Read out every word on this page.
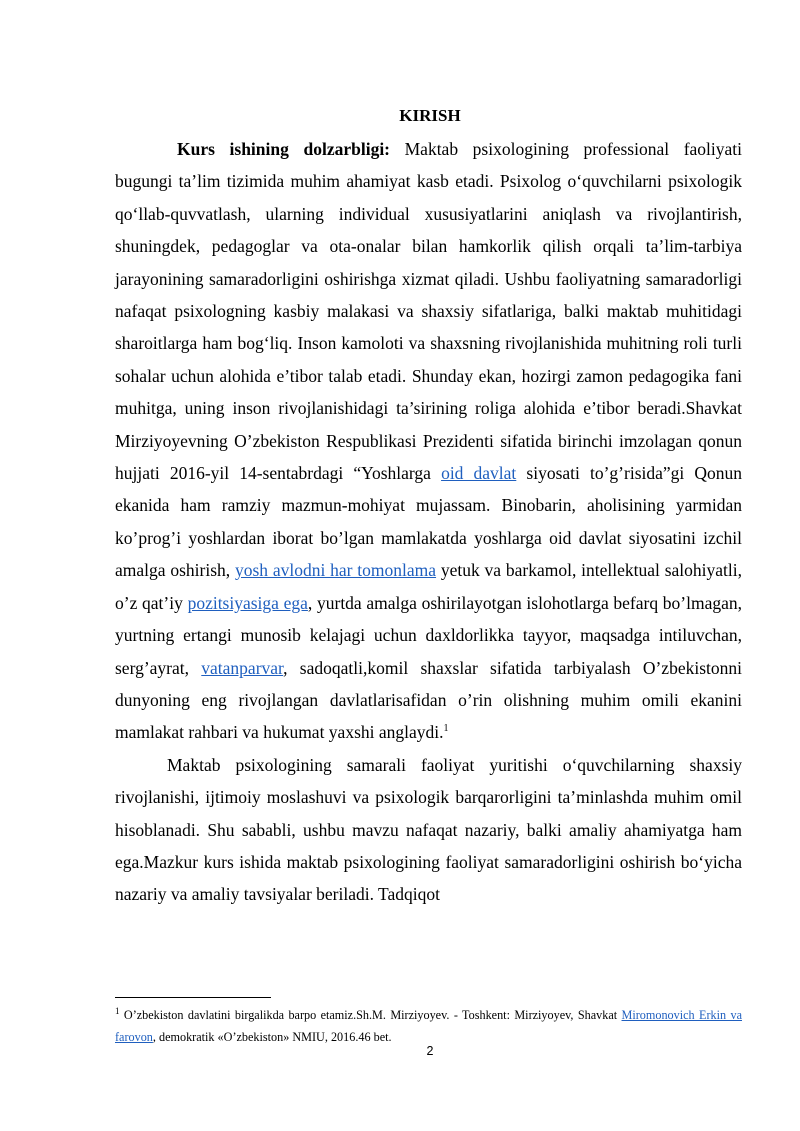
KIRISH

Kurs ishining dolzarbligi: Maktab psixologining professional faoliyati bugungi ta’lim tizimida muhim ahamiyat kasb etadi. Psixolog o‘quvchilarni psixologik qo‘llab-quvvatlash, ularning individual xususiyatlarini aniqlash va rivojlantirish, shuningdek, pedagoglar va ota-onalar bilan hamkorlik qilish orqali ta’lim-tarbiya jarayonining samaradorligini oshirishga xizmat qiladi. Ushbu faoliyatning samaradorligi nafaqat psixologning kasbiy malakasi va shaxsiy sifatlariga, balki maktab muhitidagi sharoitlarga ham bog‘liq. Inson kamoloti va shaxsning rivojlanishida muhitning roli turli sohalar uchun alohida e’tibor talab etadi. Shunday ekan, hozirgi zamon pedagogika fani muhitga, uning inson rivojlanishidagi ta’sirining roliga alohida e’tibor beradi.Shavkat Mirziyoyevning O’zbekiston Respublikasi Prezidenti sifatida birinchi imzolagan qonun hujjati 2016-yil 14-sentabrdagi “Yoshlarga oid davlat siyosati to’g’risida”gi Qonun ekanida ham ramziy mazmun-mohiyat mujassam. Binobarin, aholisining yarmidan ko’prog’i yoshlardan iborat bo’lgan mamlakatda yoshlarga oid davlat siyosatini izchil amalga oshirish, yosh avlodni har tomonlama yetuk va barkamol, intellektual salohiyatli, o’z qat’iy pozitsiyasiga ega, yurtda amalga oshirilayotgan islohotlarga befarq bo’lmagan, yurtning ertangi munosib kelajagi uchun daxldorlikka tayyor, maqsadga intiluvchan, serg’ayrat, vatanparvar, sadoqatli,komil shaxslar sifatida tarbiyalash O’zbekistonni dunyoning eng rivojlangan davlatlarisafidan o’rin olishning muhim omili ekanini mamlakat rahbari va hukumat yaxshi anglaydi.$^1$

Maktab psixologining samarali faoliyat yuritishi o‘quvchilarning shaxsiy rivojlanishi, ijtimoiy moslashuvi va psixologik barqarorligini ta’minlashda muhim omil hisoblanadi. Shu sababli, ushbu mavzu nafaqat nazariy, balki amaliy ahamiyatga ham ega.Mazkur kurs ishida maktab psixologining faoliyat samaradorligini oshirish bo‘yicha nazariy va amaliy tavsiyalar beriladi. Tadqiqot

$^1$ O’zbekiston davlatini birgalikda barpo etamiz.Sh.M. Mirziyoyev. - Toshkent: Mirziyoyev, Shavkat Miromonovich Erkin va farovon, demokratik «O’zbekiston» NMIU, 2016.46 bet.
2
